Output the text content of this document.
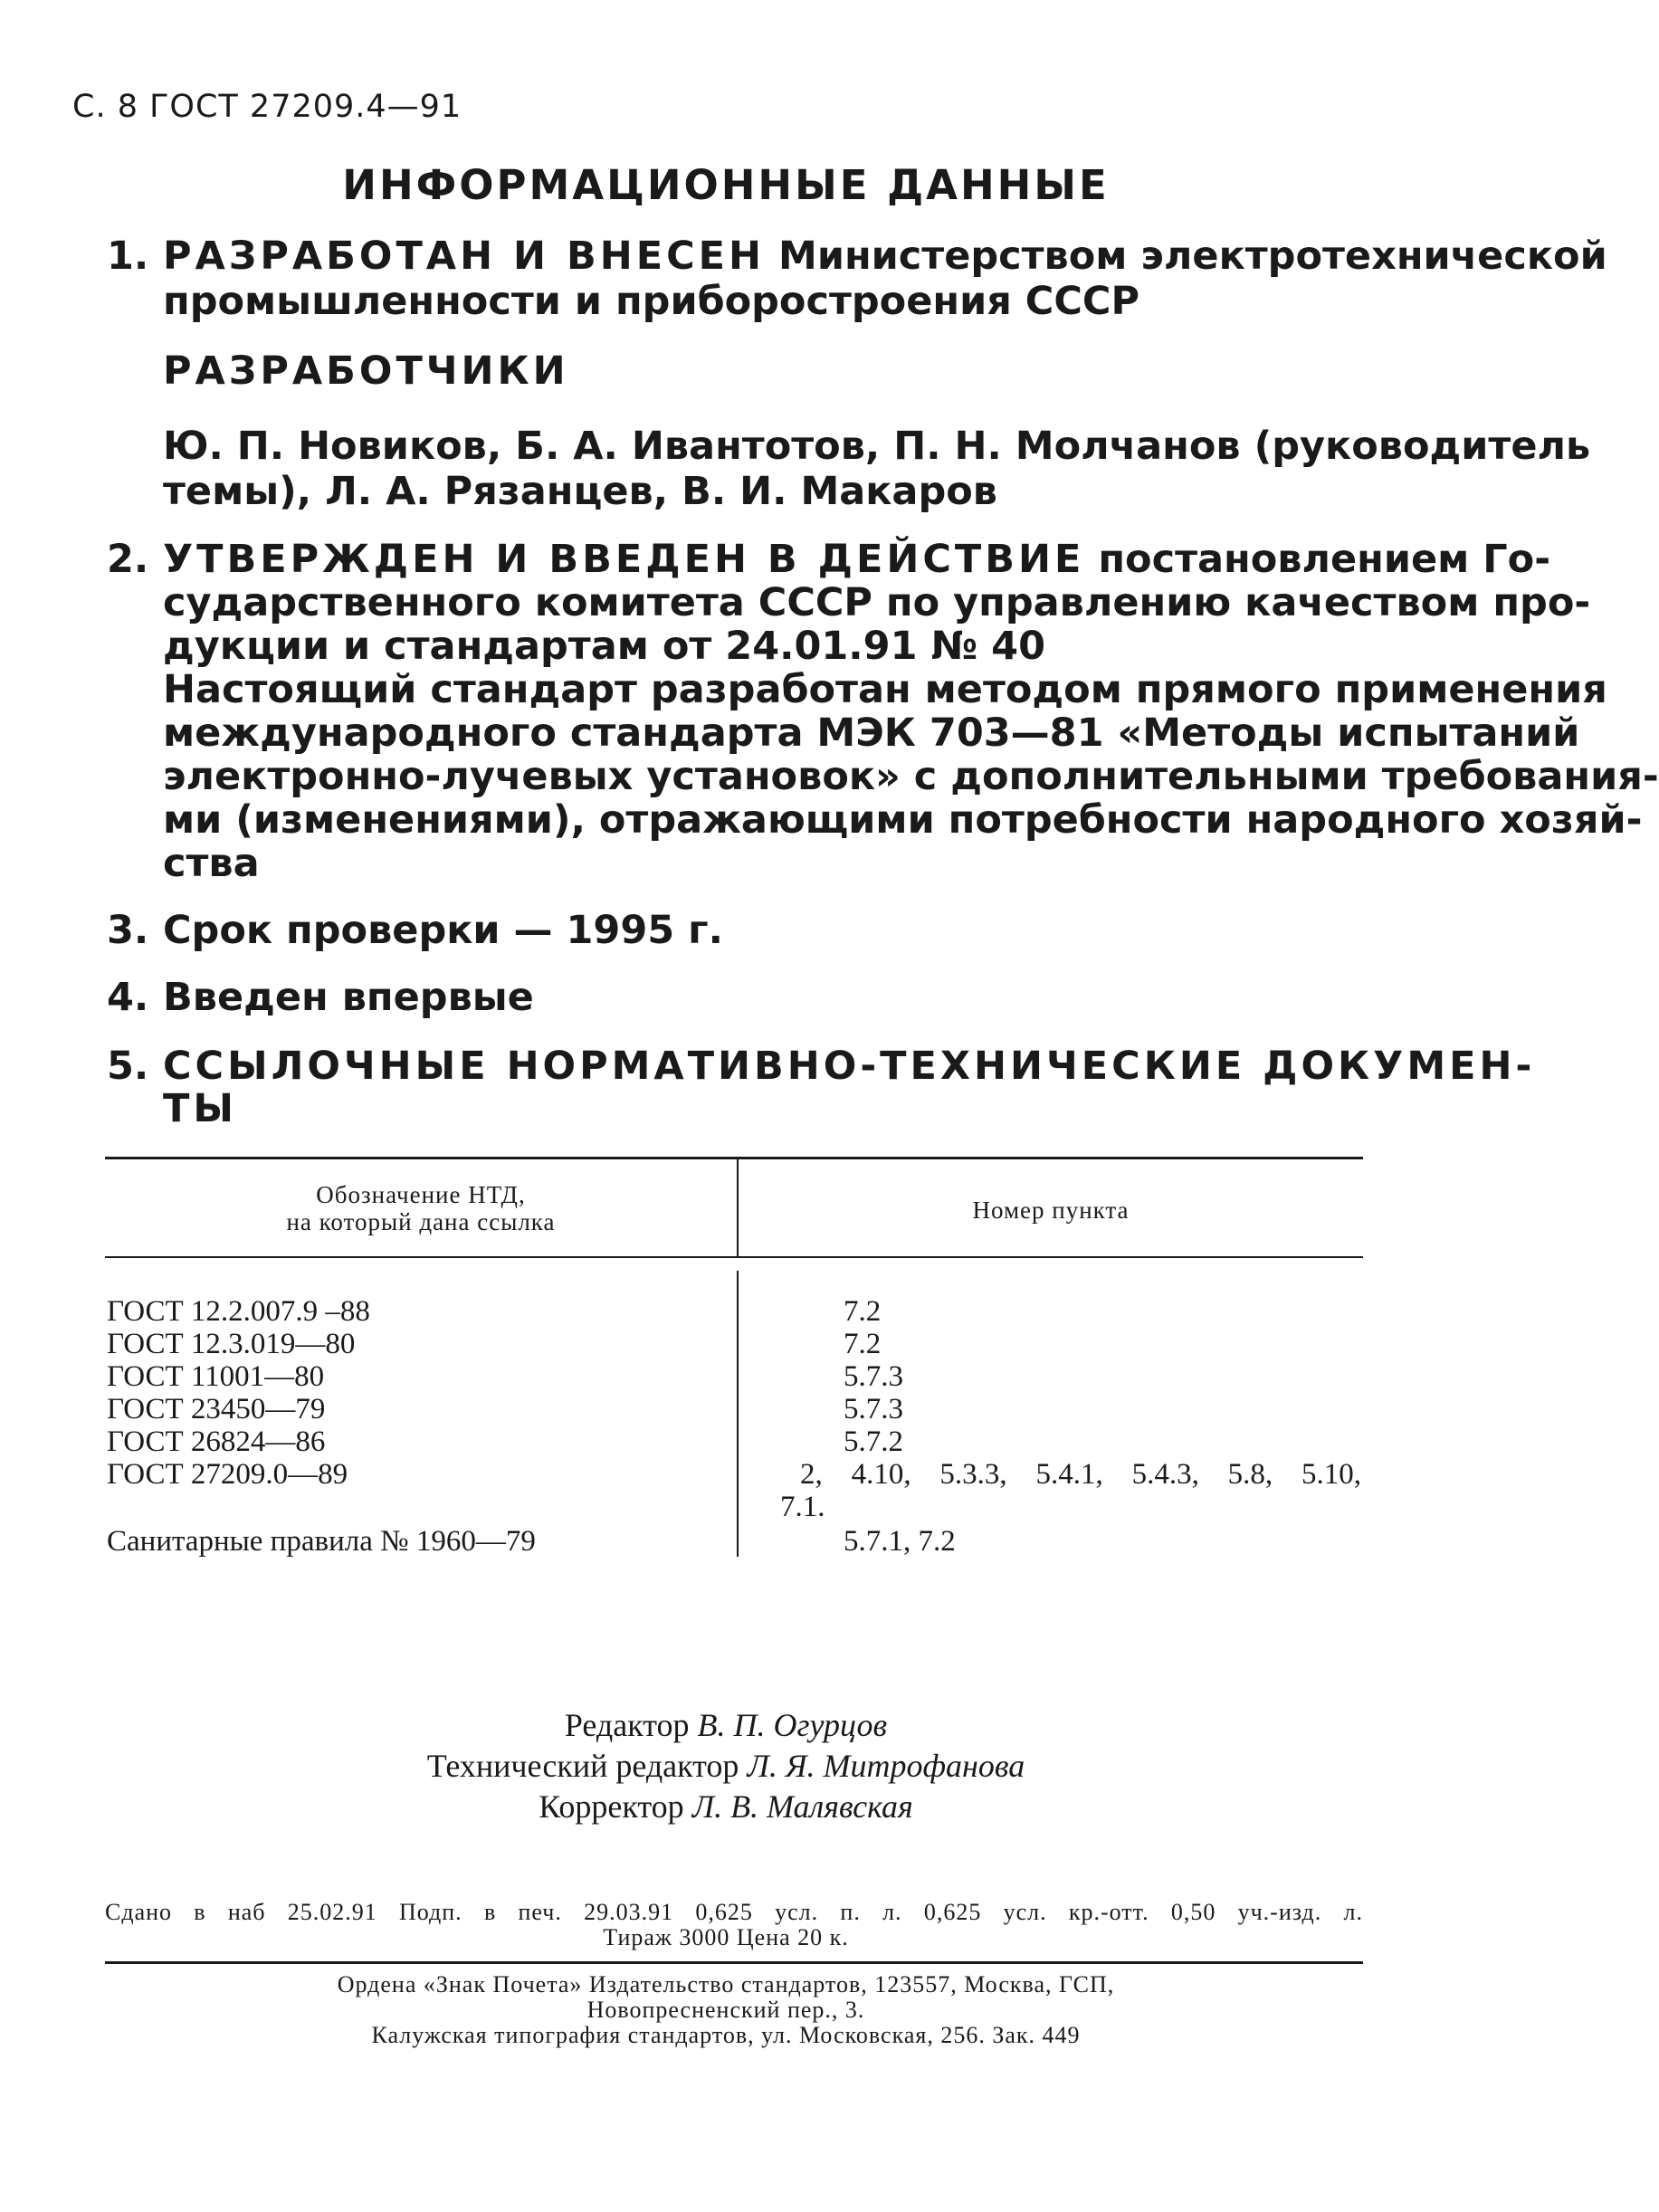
С. 8 ГОСТ 27209.4—91
ИНФОРМАЦИОННЫЕ ДАННЫЕ
1. РАЗРАБОТАН И ВНЕСЕН Министерством электротехнической
промышленности и приборостроения СССР
РАЗРАБОТЧИКИ
Ю. П. Новиков, Б. А. Ивантотов, П. Н. Молчанов (руководитель
темы), Л. А. Рязанцев, В. И. Макаров
2. УТВЕРЖДЕН И ВВЕДЕН В ДЕЙСТВИЕ постановлением Го-
сударственного комитета СССР по управлению качеством про-
дукции и стандартам от 24.01.91 № 40
Настоящий стандарт разработан методом прямого применения
международного стандарта МЭК 703—81 «Методы испытаний
электронно-лучевых установок» с дополнительными требования-
ми (изменениями), отражающими потребности народного хозяй-
ства
3. Срок проверки — 1995 г.
4. Введен впервые
5. ССЫЛОЧНЫЕ НОРМАТИВНО-ТЕХНИЧЕСКИЕ ДОКУМЕН-
ТЫ
Обозначение НТД,
на который дана ссылка	Номер пункта
ГОСТ 12.2.007.9 –88	7.2
ГОСТ 12.3.019—80	7.2
ГОСТ 11001—80	5.7.3
ГОСТ 23450—79	5.7.3
ГОСТ 26824—86	5.7.2
ГОСТ 27209.0—89	2, 4.10, 5.3.3, 5.4.1, 5.4.3, 5.8, 5.10,
7.1.
Санитарные правила № 1960—79	5.7.1, 7.2
Редактор В. П. Огурцов
Технический редактор Л. Я. Митрофанова
Корректор Л. В. Малявская
Сдано в наб 25.02.91 Подп. в печ. 29.03.91 0,625 усл. п. л. 0,625 усл. кр.-отт. 0,50 уч.-изд. л.
Тираж 3000 Цена 20 к.
Ордена «Знак Почета» Издательство стандартов, 123557, Москва, ГСП,
Новопресненский пер., 3.
Калужская типография стандартов, ул. Московская, 256. Зак. 449
